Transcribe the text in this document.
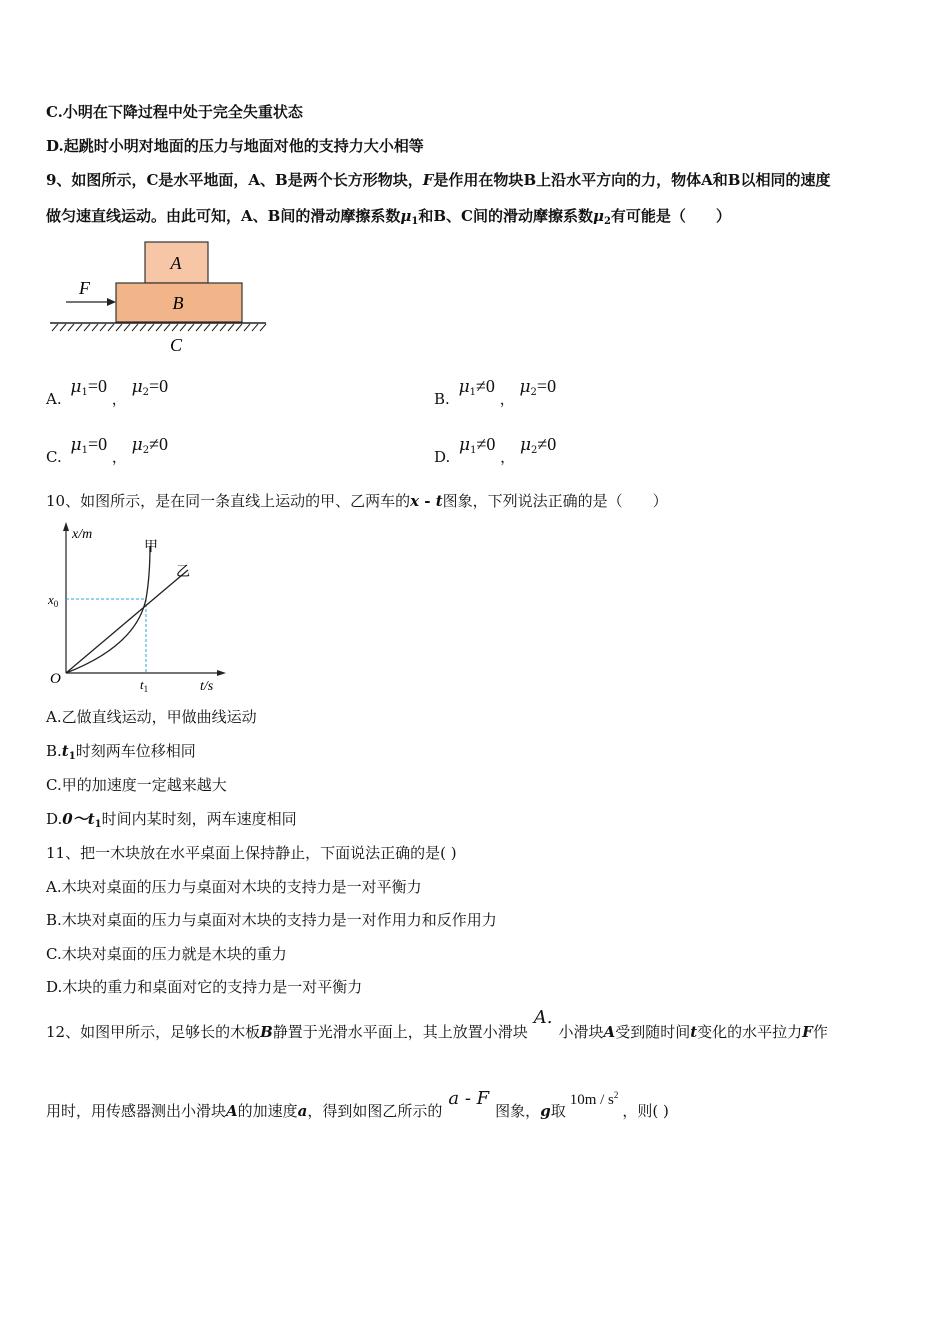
C.小明在下降过程中处于完全失重状态
D.起跳时小明对地面的压力与地面对他的支持力大小相等
9、如图所示，C是水平地面，A、B是两个长方形物块，F是作用在物块B上沿水平方向的力，物体A和B以相同的速度
做匀速直线运动。由此可知，A、B间的滑动摩擦系数$\mu_1$和B、C间的滑动摩擦系数$\mu_2$有可能是（　　）
A
B
F
C
A. $\mu_1=0$ ， $\mu_2=0$
B. $\mu_1\ne 0$ ， $\mu_2=0$
C. $\mu_1=0$ ， $\mu_2\ne 0$
D. $\mu_1\ne 0$ ， $\mu_2\ne 0$
10、如图所示，是在同一条直线上运动的甲、乙两车的x - t图象，下列说法正确的是（　　）
x/m
t/s
O
$x_0$
$t_1$
甲
乙
A.乙做直线运动，甲做曲线运动
$B.t_1$时刻两车位移相同
C.甲的加速度一定越来越大
$D.0\sim t_1$时间内某时刻，两车速度相同
11、把一木块放在水平桌面上保持静止，下面说法正确的是( )
A.木块对桌面的压力与桌面对木块的支持力是一对平衡力
B.木块对桌面的压力与桌面对木块的支持力是一对作用力和反作用力
C.木块对桌面的压力就是木块的重力
D.木块的重力和桌面对它的支持力是一对平衡力
12、如图甲所示，足够长的木板B静置于光滑水平面上，其上放置小滑块A.小滑块A受到随时间t变化的水平拉力F作
用时，用传感器测出小滑块A的加速度a，得到如图乙所示的a - F图象，g取$10m / s^2$，则( )
